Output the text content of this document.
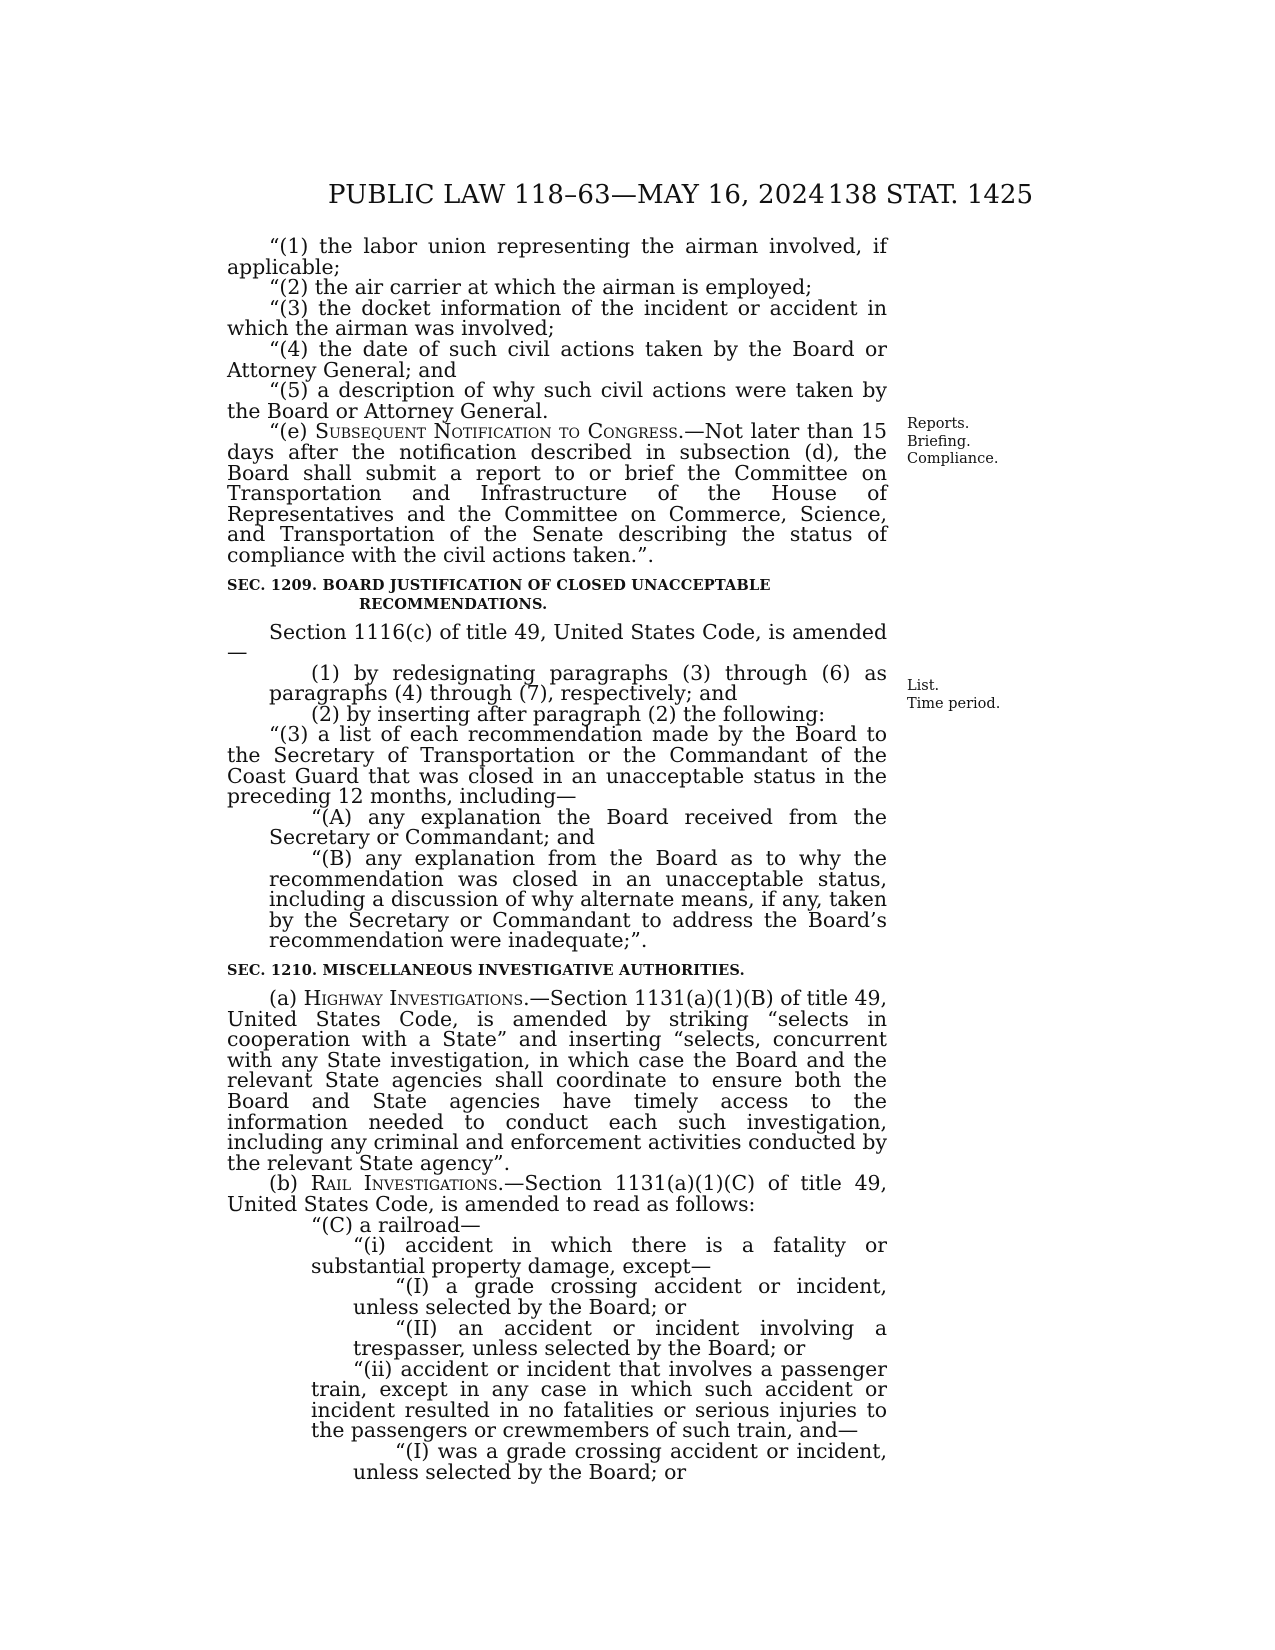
PUBLIC LAW 118–63—MAY 16, 2024 138 STAT. 1425

“(1) the labor union representing the airman involved, if applicable;

“(2) the air carrier at which the airman is employed;

“(3) the docket information of the incident or accident in which the airman was involved;

“(4) the date of such civil actions taken by the Board or Attorney General; and

“(5) a description of why such civil actions were taken by the Board or Attorney General.

“(e) Subsequent Notification to Congress.—Not later than 15 days after the notification described in subsection (d), the Board shall submit a report to or brief the Committee on Transportation and Infrastructure of the House of Representatives and the Committee on Commerce, Science, and Transportation of the Senate describing the status of compliance with the civil actions taken.”.

SEC. 1209. BOARD JUSTIFICATION OF CLOSED UNACCEPTABLE RECOMMENDATIONS.

Section 1116(c) of title 49, United States Code, is amended—

(1) by redesignating paragraphs (3) through (6) as paragraphs (4) through (7), respectively; and

(2) by inserting after paragraph (2) the following:

“(3) a list of each recommendation made by the Board to the Secretary of Transportation or the Commandant of the Coast Guard that was closed in an unacceptable status in the preceding 12 months, including—

“(A) any explanation the Board received from the Secretary or Commandant; and

“(B) any explanation from the Board as to why the recommendation was closed in an unacceptable status, including a discussion of why alternate means, if any, taken by the Secretary or Commandant to address the Board’s recommendation were inadequate;”.

SEC. 1210. MISCELLANEOUS INVESTIGATIVE AUTHORITIES.

(a) Highway Investigations.—Section 1131(a)(1)(B) of title 49, United States Code, is amended by striking “selects in cooperation with a State” and inserting “selects, concurrent with any State investigation, in which case the Board and the relevant State agencies shall coordinate to ensure both the Board and State agencies have timely access to the information needed to conduct each such investigation, including any criminal and enforcement activities conducted by the relevant State agency”.

(b) Rail Investigations.—Section 1131(a)(1)(C) of title 49, United States Code, is amended to read as follows:

“(C) a railroad—

“(i) accident in which there is a fatality or substantial property damage, except—

“(I) a grade crossing accident or incident, unless selected by the Board; or

“(II) an accident or incident involving a trespasser, unless selected by the Board; or

“(ii) accident or incident that involves a passenger train, except in any case in which such accident or incident resulted in no fatalities or serious injuries to the passengers or crewmembers of such train, and—

“(I) was a grade crossing accident or incident, unless selected by the Board; or

Reports.
Briefing.
Compliance.
List.
Time period.
